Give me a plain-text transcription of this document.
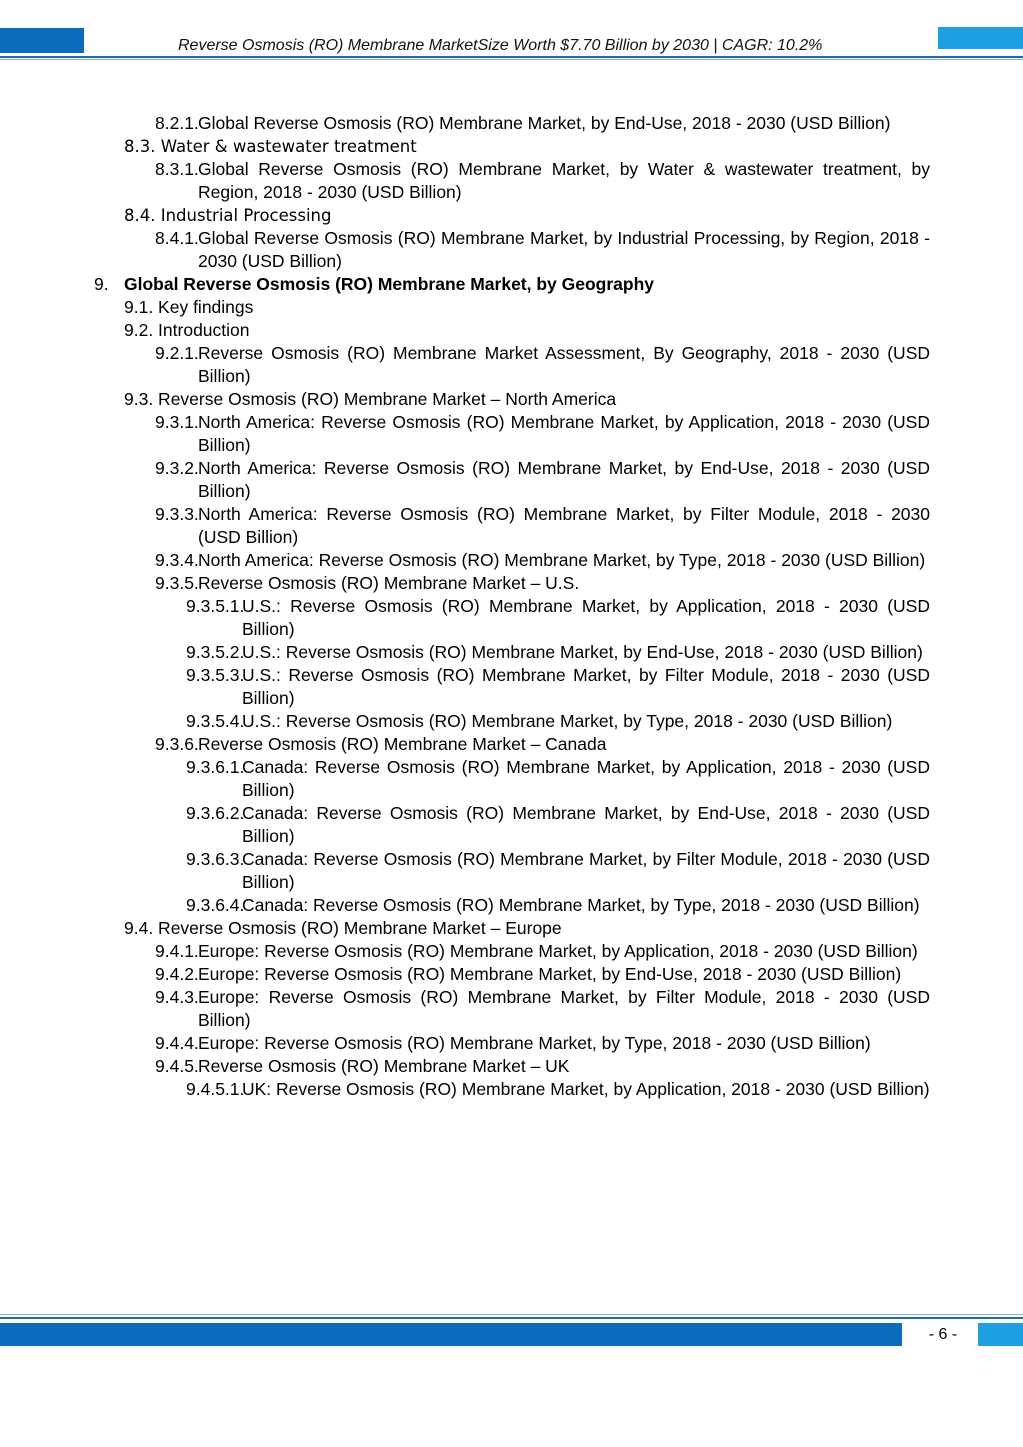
Reverse Osmosis (RO) Membrane MarketSize Worth $7.70 Billion by 2030 | CAGR: 10.2%
8.2.1. Global Reverse Osmosis (RO) Membrane Market, by End-Use, 2018 - 2030 (USD Billion)
8.3. Water & wastewater treatment
8.3.1. Global Reverse Osmosis (RO) Membrane Market, by Water & wastewater treatment, by Region, 2018 - 2030 (USD Billion)
8.4. Industrial Processing
8.4.1. Global Reverse Osmosis (RO) Membrane Market, by Industrial Processing, by Region, 2018 - 2030 (USD Billion)
9. Global Reverse Osmosis (RO) Membrane Market, by Geography
9.1. Key findings
9.2. Introduction
9.2.1. Reverse Osmosis (RO) Membrane Market Assessment, By Geography, 2018 - 2030 (USD Billion)
9.3. Reverse Osmosis (RO) Membrane Market – North America
9.3.1. North America: Reverse Osmosis (RO) Membrane Market, by Application, 2018 - 2030 (USD Billion)
9.3.2. North America: Reverse Osmosis (RO) Membrane Market, by End-Use, 2018 - 2030 (USD Billion)
9.3.3. North America: Reverse Osmosis (RO) Membrane Market, by Filter Module, 2018 - 2030 (USD Billion)
9.3.4. North America: Reverse Osmosis (RO) Membrane Market, by Type, 2018 - 2030 (USD Billion)
9.3.5. Reverse Osmosis (RO) Membrane Market – U.S.
9.3.5.1.
U.S.: Reverse Osmosis (RO) Membrane Market, by Application, 2018 - 2030 (USD Billion)
9.3.5.2.
U.S.: Reverse Osmosis (RO) Membrane Market, by End-Use, 2018 - 2030 (USD Billion)
9.3.5.3.
U.S.: Reverse Osmosis (RO) Membrane Market, by Filter Module, 2018 - 2030 (USD Billion)
9.3.5.4.
U.S.: Reverse Osmosis (RO) Membrane Market, by Type, 2018 - 2030 (USD Billion)
9.3.6. Reverse Osmosis (RO) Membrane Market – Canada
9.3.6.1.
Canada: Reverse Osmosis (RO) Membrane Market, by Application, 2018 - 2030 (USD Billion)
9.3.6.2.
Canada: Reverse Osmosis (RO) Membrane Market, by End-Use, 2018 - 2030 (USD Billion)
9.3.6.3.
Canada: Reverse Osmosis (RO) Membrane Market, by Filter Module, 2018 - 2030 (USD Billion)
9.3.6.4.
Canada: Reverse Osmosis (RO) Membrane Market, by Type, 2018 - 2030 (USD Billion)
9.4. Reverse Osmosis (RO) Membrane Market – Europe
9.4.1. Europe: Reverse Osmosis (RO) Membrane Market, by Application, 2018 - 2030 (USD Billion)
9.4.2. Europe: Reverse Osmosis (RO) Membrane Market, by End-Use, 2018 - 2030 (USD Billion)
9.4.3. Europe: Reverse Osmosis (RO) Membrane Market, by Filter Module, 2018 - 2030 (USD Billion)
9.4.4. Europe: Reverse Osmosis (RO) Membrane Market, by Type, 2018 - 2030 (USD Billion)
9.4.5. Reverse Osmosis (RO) Membrane Market – UK
9.4.5.1.
UK: Reverse Osmosis (RO) Membrane Market, by Application, 2018 - 2030 (USD Billion)
- 6 -
